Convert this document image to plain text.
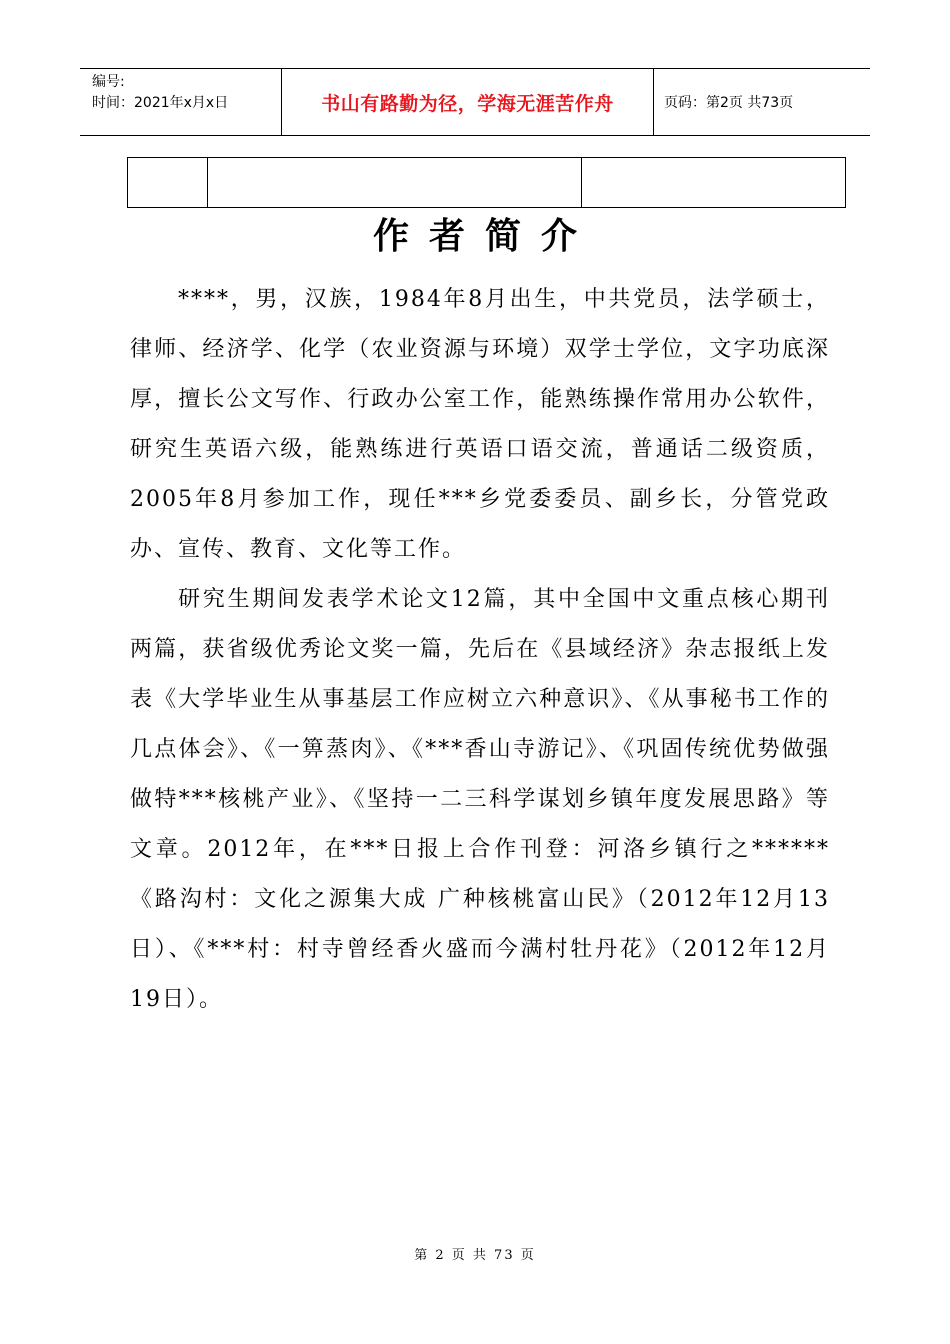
编号:
时间：2021年x月x日	书山有路勤为径，学海无涯苦作舟	页码：第2页 共73页
作者简介

****，男，汉族，1984年8月出生，中共党员，法学硕士，律师、经济学、化学（农业资源与环境）双学士学位，文字功底深厚，擅长公文写作、行政办公室工作，能熟练操作常用办公软件，研究生英语六级，能熟练进行英语口语交流，普通话二级资质，2005年8月参加工作，现任***乡党委委员、副乡长，分管党政办、宣传、教育、文化等工作。

研究生期间发表学术论文12篇，其中全国中文重点核心期刊两篇，获省级优秀论文奖一篇，先后在《县域经济》杂志报纸上发表《大学毕业生从事基层工作应树立六种意识》、《从事秘书工作的几点体会》、《一箅蒸肉》、《***香山寺游记》、《巩固传统优势做强做特***核桃产业》、《坚持一二三科学谋划乡镇年度发展思路》等文章。2012年，在***日报上合作刊登：河洛乡镇行之******《路沟村：文化之源集大成 广种核桃富山民》（2012年12月13日）、《***村：村寺曾经香火盛而今满村牡丹花》（2012年12月19日）。

第 2 页 共 73 页
